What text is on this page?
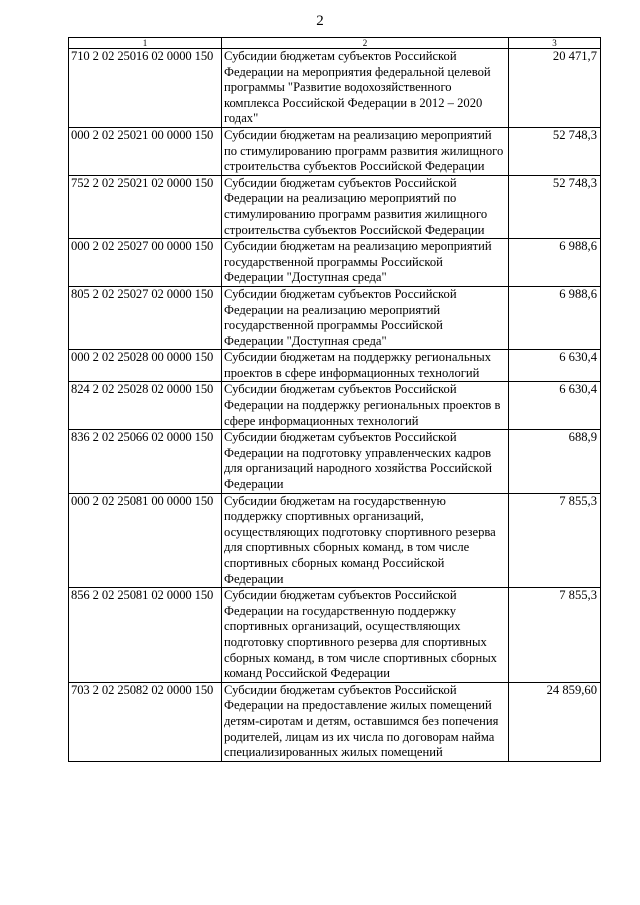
2
1	2	3
710 2 02 25016 02 0000 150	Субсидии бюджетам субъектов Российской Федерации на мероприятия федеральной целевой программы "Развитие водохозяйственного комплекса Российской Федерации в 2012 – 2020 годах"	20 471,7
000 2 02 25021 00 0000 150	Субсидии бюджетам на реализацию мероприятий по стимулированию программ развития жилищного строительства субъектов Российской Федерации	52 748,3
752 2 02 25021 02 0000 150	Субсидии бюджетам субъектов Российской Федерации на реализацию мероприятий по стимулированию программ развития жилищного строительства субъектов Российской Федерации	52 748,3
000 2 02 25027 00 0000 150	Субсидии бюджетам на реализацию мероприятий государственной программы Российской Федерации "Доступная среда"	6 988,6
805 2 02 25027 02 0000 150	Субсидии бюджетам субъектов Российской Федерации на реализацию мероприятий государственной программы Российской Федерации "Доступная среда"	6 988,6
000 2 02 25028 00 0000 150	Субсидии бюджетам на поддержку региональных проектов в сфере информационных технологий	6 630,4
824 2 02 25028 02 0000 150	Субсидии бюджетам субъектов Российской Федерации на поддержку региональных проектов в сфере информационных технологий	6 630,4
836 2 02 25066 02 0000 150	Субсидии бюджетам субъектов Российской Федерации на подготовку управленческих кадров для организаций народного хозяйства Российской Федерации	688,9
000 2 02 25081 00 0000 150	Субсидии бюджетам на государственную поддержку спортивных организаций, осуществляющих подготовку спортивного резерва для спортивных сборных команд, в том числе спортивных сборных команд Российской Федерации	7 855,3
856 2 02 25081 02 0000 150	Субсидии бюджетам субъектов Российской Федерации на государственную поддержку спортивных организаций, осуществляющих подготовку спортивного резерва для спортивных сборных команд, в том числе спортивных сборных команд Российской Федерации	7 855,3
703 2 02 25082 02 0000 150	Субсидии бюджетам субъектов Российской Федерации на предоставление жилых помещений детям-сиротам и детям, оставшимся без попечения родителей, лицам из их числа по договорам найма специализированных жилых помещений	24 859,60
